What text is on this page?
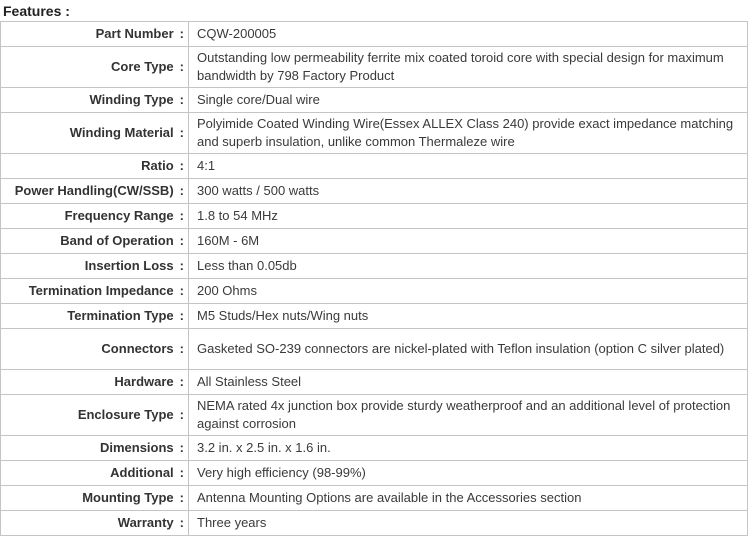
Features :
Part Number :	CQW-200005
Core Type :	Outstanding low permeability ferrite mix coated toroid core with special design for maximum bandwidth by 798 Factory Product
Winding Type :	Single core/Dual wire
Winding Material :	Polyimide Coated Winding Wire(Essex ALLEX Class 240) provide exact impedance matching and superb insulation, unlike common Thermaleze wire
Ratio :	4:1
Power Handling(CW/SSB) :	300 watts / 500 watts
Frequency Range :	1.8 to 54 MHz
Band of Operation :	160M - 6M
Insertion Loss :	Less than 0.05db
Termination Impedance :	200 Ohms
Termination Type :	M5 Studs/Hex nuts/Wing nuts
Connectors :	Gasketed SO-239 connectors are nickel-plated with Teflon insulation (option C silver plated)
Hardware :	All Stainless Steel
Enclosure Type :	NEMA rated 4x junction box provide sturdy weatherproof and an additional level of protection against corrosion
Dimensions :	3.2 in. x 2.5 in. x 1.6 in.
Additional :	Very high efficiency (98-99%)
Mounting Type :	Antenna Mounting Options are available in the Accessories section
Warranty :	Three years
